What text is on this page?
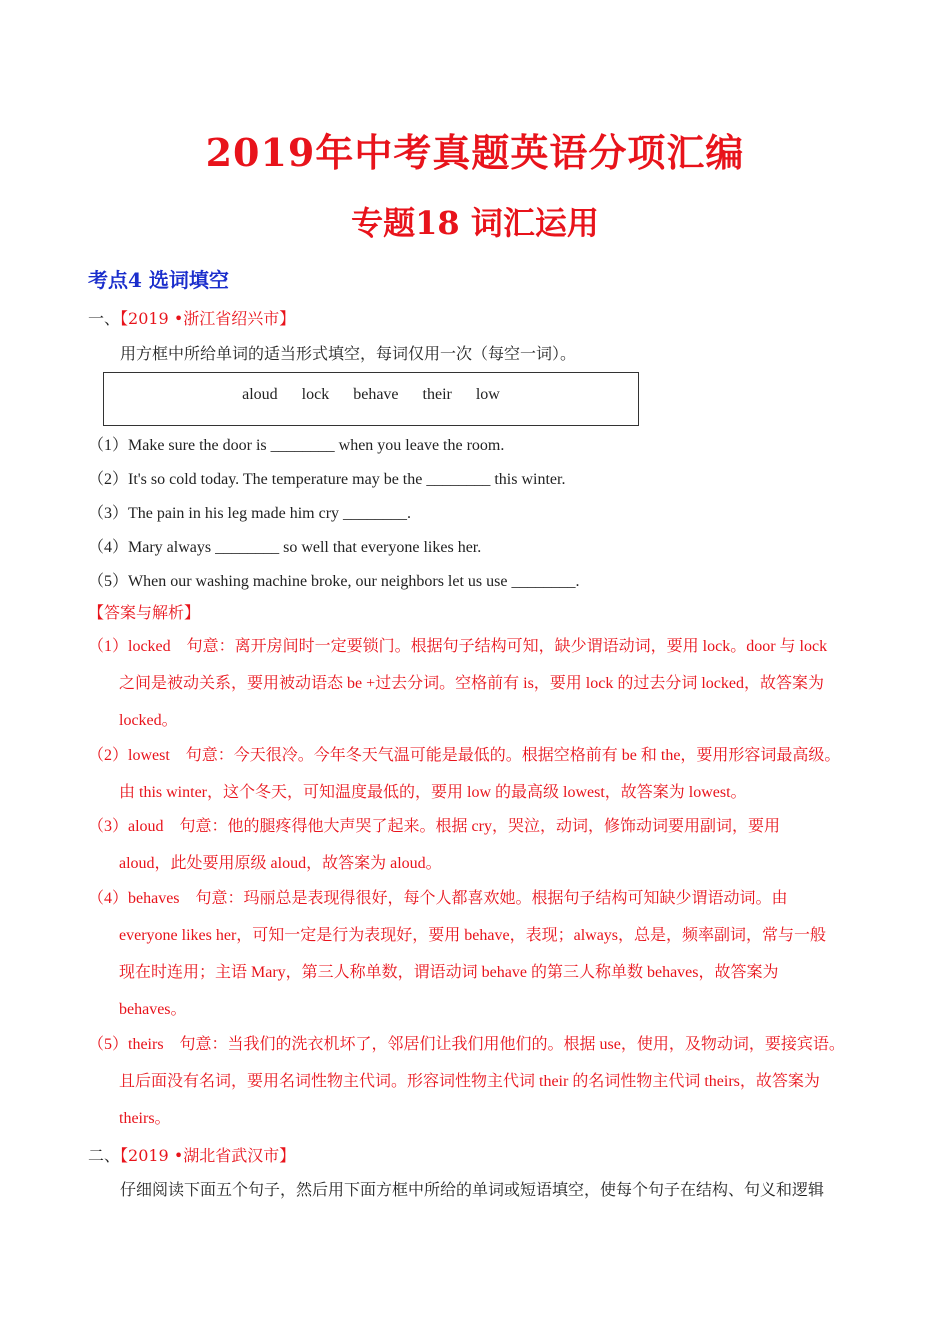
2019年中考真题英语分项汇编
专题18 词汇运用
考点4 选词填空
一、【2019 •浙江省绍兴市】
用方框中所给单词的适当形式填空，每词仅用一次（每空一词）。
aloud lock behave their low
（1）Make sure the door is ________ when you leave the room.
（2）It's so cold today. The temperature may be the ________ this winter.
（3）The pain in his leg made him cry ________.
（4）Mary always ________ so well that everyone likes her.
（5）When our washing machine broke, our neighbors let us use ________.
【答案与解析】
（1）locked　句意：离开房间时一定要锁门。根据句子结构可知，缺少谓语动词，要用 lock。door 与 lock
之间是被动关系，要用被动语态 be +过去分词。空格前有 is，要用 lock 的过去分词 locked，故答案为
locked。
（2）lowest　句意：今天很冷。今年冬天气温可能是最低的。根据空格前有 be 和 the，要用形容词最高级。
由 this winter，这个冬天，可知温度最低的，要用 low 的最高级 lowest，故答案为 lowest。
（3）aloud　句意：他的腿疼得他大声哭了起来。根据 cry，哭泣，动词，修饰动词要用副词，要用
aloud，此处要用原级 aloud，故答案为 aloud。
（4）behaves　句意：玛丽总是表现得很好，每个人都喜欢她。根据句子结构可知缺少谓语动词。由
everyone likes her，可知一定是行为表现好，要用 behave，表现；always，总是，频率副词，常与一般
现在时连用；主语 Mary，第三人称单数，谓语动词 behave 的第三人称单数 behaves，故答案为
behaves。
（5）theirs　句意：当我们的洗衣机坏了，邻居们让我们用他们的。根据 use，使用，及物动词，要接宾语。
且后面没有名词，要用名词性物主代词。形容词性物主代词 their 的名词性物主代词 theirs，故答案为
theirs。
二、【2019 •湖北省武汉市】
仔细阅读下面五个句子，然后用下面方框中所给的单词或短语填空，使每个句子在结构、句义和逻辑
